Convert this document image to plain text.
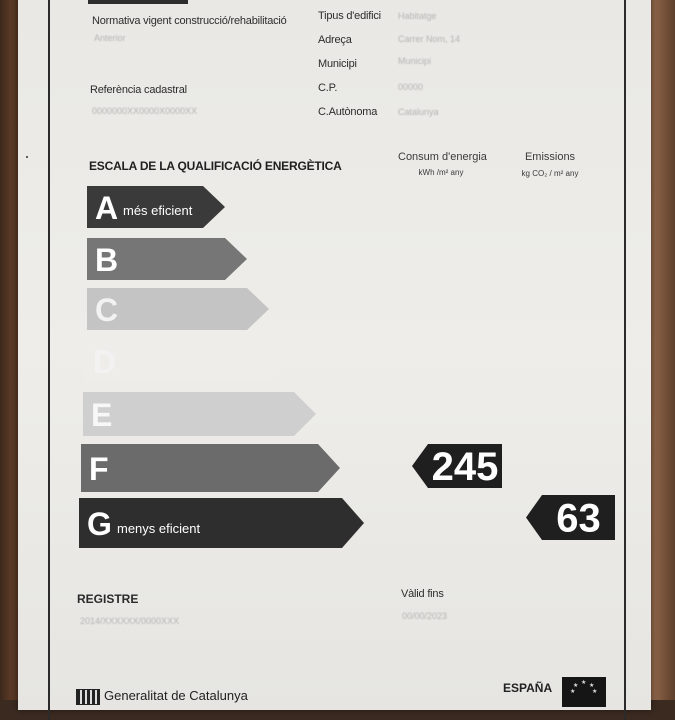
Normativa vigent construcció/rehabilitació
Anterior
Referència cadastral
0000000XX0000X0000XX
Tipus d'edifici Habitatge
Adreça	Carrer Nom, 14
Municipi	Municipi
C.P.	00000
C.Autònoma Catalunya
ESCALA DE LA QUALIFICACIÓ ENERGÈTICA
Consum d'energia
kWh /m² any
Emissions
kg CO₂ / m² any
A més eficient
B
C
D
E
F
G menys eficient
245
63
REGISTRE
2014/XXXXXX/0000XXX
Vàlid fins
00/00/2023
Generalitat de Catalunya	ESPAÑA	★
★ ★
★	★
